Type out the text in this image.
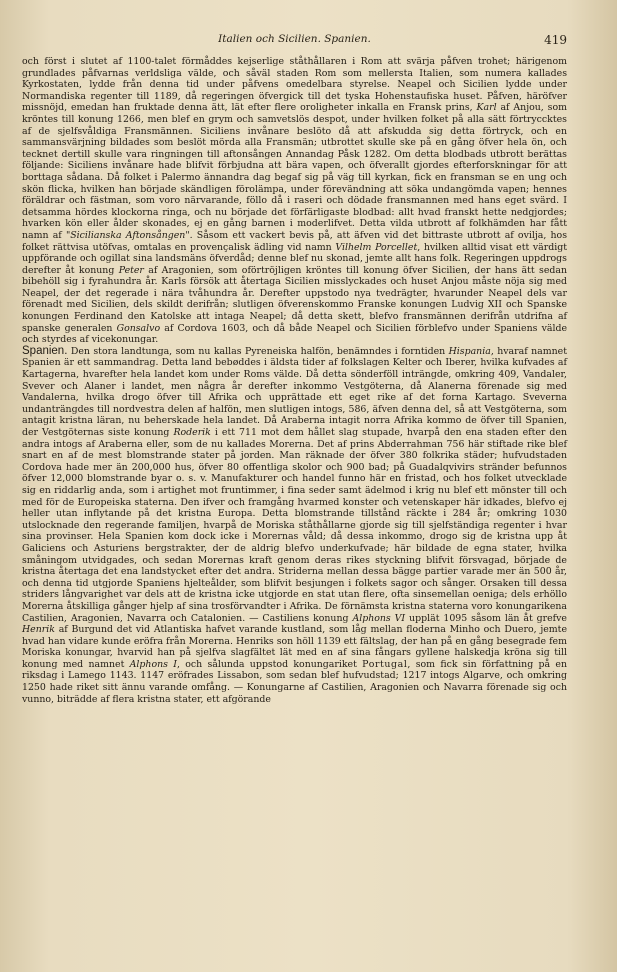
Italien och Sicilien. Spanien.	419

och först i slutet af 1100-talet förmåddes kejserlige ståthållaren i Rom att svärja påfven trohet; härigenom grundlades påfvarnas verldsliga välde, och såväl staden Rom som mellersta Italien, som numera kallades Kyrkostaten, lydde från denna tid under påfvens omedelbara styrelse. Neapel och Sicilien lydde under Normandiska regenter till 1189, då regeringen öfvergick till det tyska Hohenstaufiska huset. Påfven, häröfver missnöjd, emedan han fruktade denna ätt, lät efter flere oroligheter inkalla en Fransk prins, Karl af Anjou, som kröntes till konung 1266, men blef en grym och samvetslös despot, under hvilken folket på alla sätt förtryccktes af de sjelfsvåldiga Fransmännen. Siciliens invånare beslöto då att afskudda sig detta förtryck, och en sammansvärjning bildades som beslöt mörda alla Fransmän; utbrottet skulle ske på en gång öfver hela ön, och tecknet dertill skulle vara ringningen till aftonsången Annandag Påsk 1282. Om detta blodbads utbrott berättas följande: Siciliens invånare hade blifvit förbjudna att bära vapen, och öfverallt gjordes efterforskningar för att borttaga sådana. Då folket i Palermo ännandra dag begaf sig på väg till kyrkan, fick en fransman se en ung och skön flicka, hvilken han började skändligen förolämpa, under förevändning att söka undangömda vapen; hennes föräldrar och fästman, som voro närvarande, föllo då i raseri och dödade fransmannen med hans eget svärd. I detsamma hördes klockorna ringa, och nu började det förfärligaste blodbad: allt hvad franskt hette nedgjordes; hvarken kön eller ålder skonades, ej en gång barnen i moderlifvet. Detta vilda utbrott af folkhämden har fått namn af "Sicilianska Aftonsången". Såsom ett vackert bevis på, att äfven vid det bittraste utbrott af ovilja, hos folket rättvisa utöfvas, omtalas en provençalisk ädling vid namn Vilhelm Porcellet, hvilken alltid visat ett värdigt uppförande och ogillat sina landsmäns öfverdåd; denne blef nu skonad, jemte allt hans folk. Regeringen uppdrogs derefter åt konung Peter af Aragonien, som oförtröjligen kröntes till konung öfver Sicilien, der hans ätt sedan bibehöll sig i fyrahundra år. Karls försök att återtaga Sicilien misslyckades och huset Anjou måste nöja sig med Neapel, der det regerade i nära tvåhundra år. Derefter uppstodo nya tvedrägter, hvarunder Neapel dels var förenadt med Sicilien, dels skildt derifrån; slutligen öfverenskommo Franske konungen Ludvig XII och Spanske konungen Ferdinand den Katolske att intaga Neapel; då detta skett, blefvo fransmännen derifrån utdrifna af spanske generalen Gonsalvo af Cordova 1603, och då både Neapel och Sicilien förblefvo under Spaniens välde och styrdes af vicekonungar.

Spanien. Den stora landtunga, som nu kallas Pyreneiska halfön, benämndes i forntiden Hispania, hvaraf namnet Spanien är ett sammandrag. Detta land bebøddes i äldsta tider af folkslagen Kelter och Iberer, hvilka kufvades af Kartagerna, hvarefter hela landet kom under Roms välde. Då detta sönderföll inträngde, omkring 409, Vandaler, Svever och Alaner i landet, men några år derefter inkommo Vestgöterna, då Alanerna förenade sig med Vandalerna, hvilka drogo öfver till Afrika och upprättade ett eget rike af det forna Kartago. Sveverna undanträngdes till nordvestra delen af halfön, men slutligen intogs, 586, äfven denna del, så att Vestgöterna, som antagit kristna läran, nu beherskade hela landet. Då Araberna intagit norra Afrika kommo de öfver till Spanien, der Vestgöternas siste konung Roderik i ett 711 mot dem hållet slag stupade, hvarpå den ena staden efter den andra intogs af Araberna eller, som de nu kallades Morerna. Det af prins Abderrahman 756 här stiftade rike blef snart en af de mest blomstrande stater på jorden. Man räknade der öfver 380 folkrika städer; hufvudstaden Cordova hade mer än 200,000 hus, öfver 80 offentliga skolor och 900 bad; på Guadalqvivirs stränder befunnos öfver 12,000 blomstrande byar o. s. v. Manufakturer och handel funno här en fristad, och hos folket utvecklade sig en riddarlig anda, som i artighet mot fruntimmer, i fina seder samt ädelmod i krig nu blef ett mönster till och med för de Europeiska staterna. Den ifver och framgång hvarmed konster och vetenskaper här idkades, blefvo ej heller utan inflytande på det kristna Europa. Detta blomstrande tillstånd räckte i 284 år; omkring 1030 utslocknade den regerande familjen, hvarpå de Moriska ståthållarne gjorde sig till sjelfständiga regenter i hvar sina provinser. Hela Spanien kom dock icke i Morernas våld; då dessa inkommo, drogo sig de kristna upp åt Galiciens och Asturiens bergstrakter, der de aldrig blefvo underkufvade; här bildade de egna stater, hvilka småningom utvidgades, och sedan Morernas kraft genom deras rikes styckning blifvit försvagad, började de kristna återtaga det ena landstycket efter det andra. Striderna mellan dessa bägge partier varade mer än 500 år, och denna tid utgjorde Spaniens hjelteålder, som blifvit besjungen i folkets sagor och sånger. Orsaken till dessa striders långvarighet var dels att de kristna icke utgjorde en stat utan flere, ofta sinsemellan oeniga; dels erhöllo Morerna åtskilliga gånger hjelp af sina trosförvandter i Afrika. De förnämsta kristna staterna voro konungarikena Castilien, Aragonien, Navarra och Catalonien. — Castiliens konung Alphons VI upplät 1095 såsom län åt grefve Henrik af Burgund det vid Atlantiska hafvet varande kustland, som låg mellan floderna Minho och Duero, jemte hvad han vidare kunde eröfra från Morerna. Henriks son höll 1139 ett fältslag, der han på en gång besegrade fem Moriska konungar, hvarvid han på sjelfva slagfältet lät med en af sina fångars gyllene halskedja kröna sig till konung med namnet Alphons I, och sålunda uppstod konungariket Portugal, som fick sin författning på en riksdag i Lamego 1143. 1147 eröfrades Lissabon, som sedan blef hufvudstad; 1217 intogs Algarve, och omkring 1250 hade riket sitt ännu varande omfång. — Konungarne af Castilien, Aragonien och Navarra förenade sig och vunno, biträdde af flera kristna stater, ett afgörande
